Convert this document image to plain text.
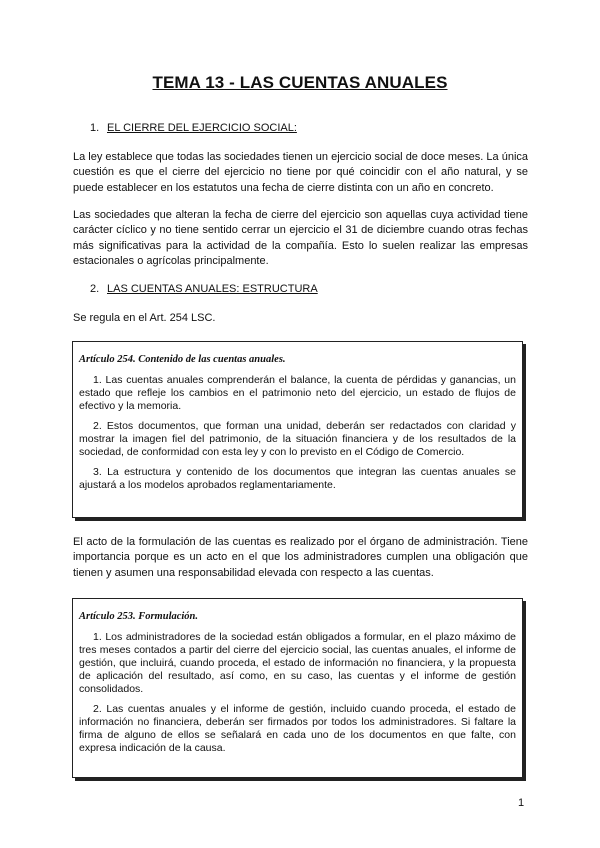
TEMA 13 - LAS CUENTAS ANUALES
1. EL CIERRE DEL EJERCICIO SOCIAL:

La ley establece que todas las sociedades tienen un ejercicio social de doce meses. La única cuestión es que el cierre del ejercicio no tiene por qué coincidir con el año natural, y se puede establecer en los estatutos una fecha de cierre distinta con un año en concreto.

Las sociedades que alteran la fecha de cierre del ejercicio son aquellas cuya actividad tiene carácter cíclico y no tiene sentido cerrar un ejercicio el 31 de diciembre cuando otras fechas más significativas para la actividad de la compañía. Esto lo suelen realizar las empresas estacionales o agrícolas principalmente.

2. LAS CUENTAS ANUALES: ESTRUCTURA

Se regula en el Art. 254 LSC.

Artículo 254. Contenido de las cuentas anuales.

1. Las cuentas anuales comprenderán el balance, la cuenta de pérdidas y ganancias, un estado que refleje los cambios en el patrimonio neto del ejercicio, un estado de flujos de efectivo y la memoria.

2. Estos documentos, que forman una unidad, deberán ser redactados con claridad y mostrar la imagen fiel del patrimonio, de la situación financiera y de los resultados de la sociedad, de conformidad con esta ley y con lo previsto en el Código de Comercio.

3. La estructura y contenido de los documentos que integran las cuentas anuales se ajustará a los modelos aprobados reglamentariamente.

El acto de la formulación de las cuentas es realizado por el órgano de administración. Tiene importancia porque es un acto en el que los administradores cumplen una obligación que tienen y asumen una responsabilidad elevada con respecto a las cuentas.

Artículo 253. Formulación.

1. Los administradores de la sociedad están obligados a formular, en el plazo máximo de tres meses contados a partir del cierre del ejercicio social, las cuentas anuales, el informe de gestión, que incluirá, cuando proceda, el estado de información no financiera, y la propuesta de aplicación del resultado, así como, en su caso, las cuentas y el informe de gestión consolidados.

2. Las cuentas anuales y el informe de gestión, incluido cuando proceda, el estado de información no financiera, deberán ser firmados por todos los administradores. Si faltare la firma de alguno de ellos se señalará en cada uno de los documentos en que falte, con expresa indicación de la causa.

1
